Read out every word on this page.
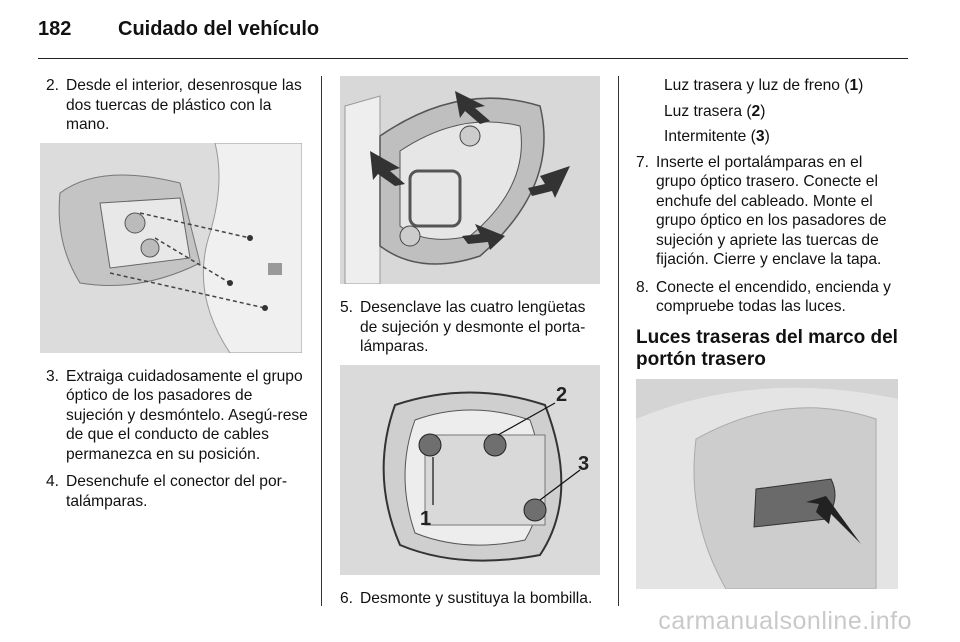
182 Cuidado del vehículo
2. Desde el interior, desenrosque las dos tuercas de plástico con la mano.
3. Extraiga cuidadosamente el grupo óptico de los pasadores de sujeción y desmóntelo. Asegú-rese de que el conducto de cables permanezca en su posición.
4. Desenchufe el conector del por-talámparas.
5. Desenclave las cuatro lengüetas de sujeción y desmonte el porta-lámparas.
1
2
3
6. Desmonte y sustituya la bombilla.
Luz trasera y luz de freno (1)
Luz trasera (2)
Intermitente (3)
7. Inserte el portalámparas en el grupo óptico trasero. Conecte el enchufe del cableado. Monte el grupo óptico en los pasadores de sujeción y apriete las tuercas de fijación. Cierre y enclave la tapa.
8. Conecte el encendido, encienda y compruebe todas las luces.
Luces traseras del marco del portón trasero
carmanualsonline.info
